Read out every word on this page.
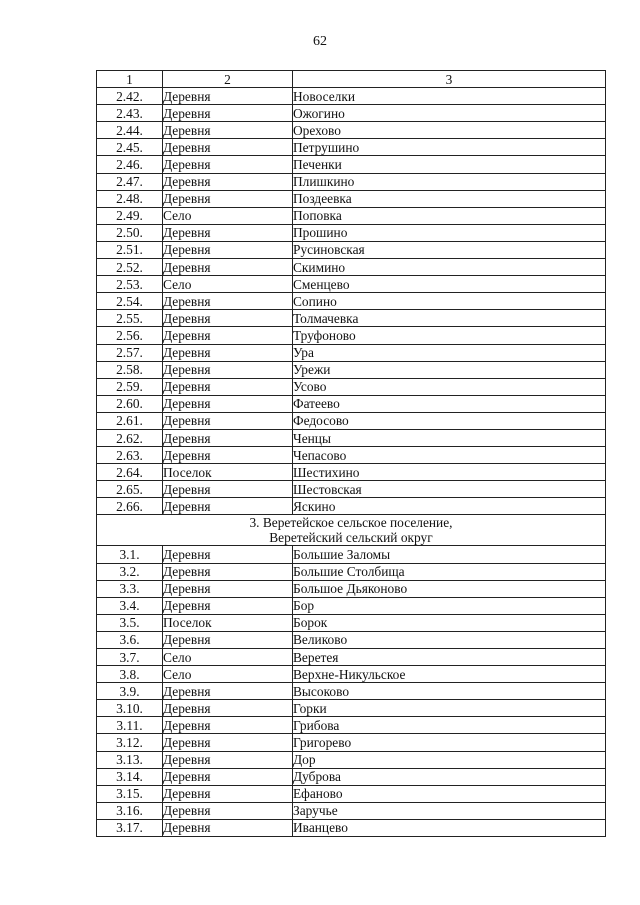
62
1	2	3
2.42.	Деревня	Новоселки
2.43.	Деревня	Ожогино
2.44.	Деревня	Орехово
2.45.	Деревня	Петрушино
2.46.	Деревня	Печенки
2.47.	Деревня	Плишкино
2.48.	Деревня	Поздеевка
2.49.	Село	Поповка
2.50.	Деревня	Прошино
2.51.	Деревня	Русиновская
2.52.	Деревня	Скимино
2.53.	Село	Сменцево
2.54.	Деревня	Сопино
2.55.	Деревня	Толмачевка
2.56.	Деревня	Труфоново
2.57.	Деревня	Ура
2.58.	Деревня	Урежи
2.59.	Деревня	Усово
2.60.	Деревня	Фатеево
2.61.	Деревня	Федосово
2.62.	Деревня	Ченцы
2.63.	Деревня	Чепасово
2.64.	Поселок	Шестихино
2.65.	Деревня	Шестовская
2.66.	Деревня	Яскино

3. Веретейское сельское поселение,
Веретейский сельский округ		

3.1.	Деревня	Большие Заломы
3.2.	Деревня	Большие Столбища
3.3.	Деревня	Большое Дьяконово
3.4.	Деревня	Бор
3.5.	Поселок	Борок
3.6.	Деревня	Великово
3.7.	Село	Веретея
3.8.	Село	Верхне-Никульское
3.9.	Деревня	Высоково
3.10.	Деревня	Горки
3.11.	Деревня	Грибова
3.12.	Деревня	Григорево
3.13.	Деревня	Дор
3.14.	Деревня	Дуброва
3.15.	Деревня	Ефаново
3.16.	Деревня	Заручье
3.17.	Деревня	Иванцево
